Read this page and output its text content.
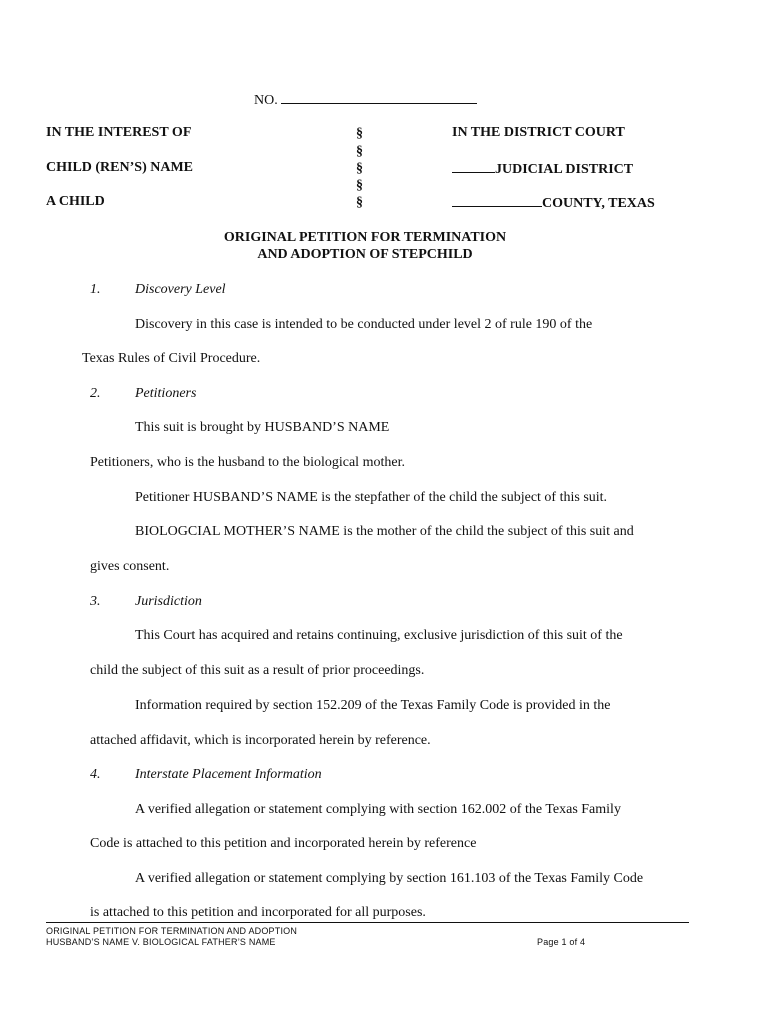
NO.
IN THE INTEREST OF
CHILD (REN’S) NAME
A CHILD
§
§
§
§
§
IN THE DISTRICT COURT
JUDICIAL DISTRICT
COUNTY, TEXAS
ORIGINAL PETITION FOR TERMINATION
AND ADOPTION OF STEPCHILD
1. Discovery Level
Discovery in this case is intended to be conducted under level 2 of rule 190 of the
Texas Rules of Civil Procedure.
2. Petitioners
This suit is brought by HUSBAND’S NAME
Petitioners, who is the husband to the biological mother.
Petitioner HUSBAND’S NAME is the stepfather of the child the subject of this suit.
BIOLOGCIAL MOTHER’S NAME is the mother of the child the subject of this suit and
gives consent.
3. Jurisdiction
This Court has acquired and retains continuing, exclusive jurisdiction of this suit of the
child the subject of this suit as a result of prior proceedings.
Information required by section 152.209 of the Texas Family Code is provided in the
attached affidavit, which is incorporated herein by reference.
4. Interstate Placement Information
A verified allegation or statement complying with section 162.002 of the Texas Family
Code is attached to this petition and incorporated herein by reference
A verified allegation or statement complying by section 161.103 of the Texas Family Code
is attached to this petition and incorporated for all purposes.
ORIGINAL PETITION FOR TERMINATION AND ADOPTION
HUSBAND’S NAME V. BIOLOGICAL FATHER’S NAME	Page 1 of 4
